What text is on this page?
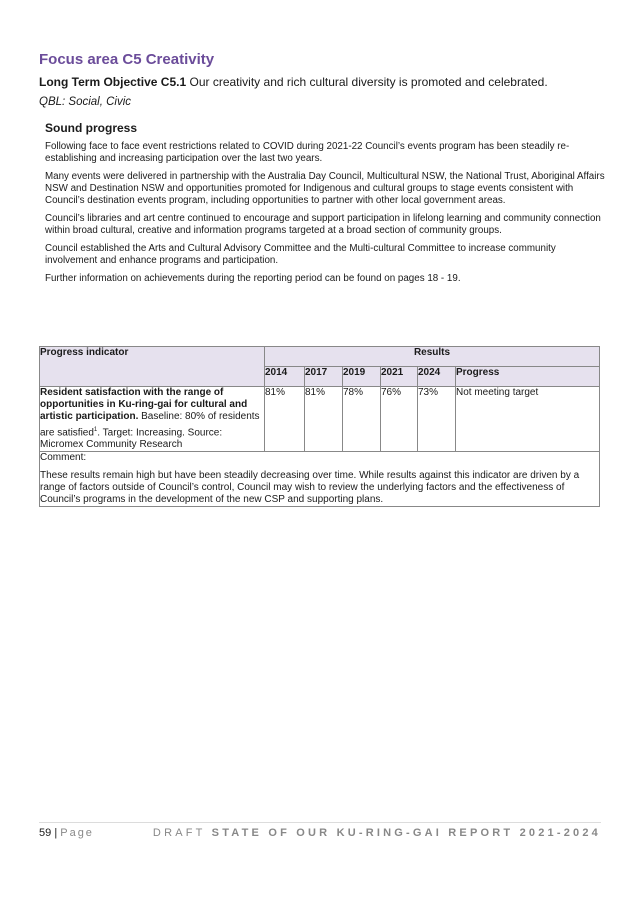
Focus area C5 Creativity

Long Term Objective C5.1 Our creativity and rich cultural diversity is promoted and celebrated.

QBL: Social, Civic

Sound progress

Following face to face event restrictions related to COVID during 2021-22 Council’s events program has been steadily re-establishing and increasing participation over the last two years.

Many events were delivered in partnership with the Australia Day Council, Multicultural NSW, the National Trust, Aboriginal Affairs NSW and Destination NSW and opportunities promoted for Indigenous and cultural groups to stage events consistent with Council’s destination events program, including opportunities to partner with other local government areas.

Council’s libraries and art centre continued to encourage and support participation in lifelong learning and community connection within broad cultural, creative and information programs targeted at a broad section of community groups.

Council established the Arts and Cultural Advisory Committee and the Multi-cultural Committee to increase community involvement and enhance programs and participation.

Further information on achievements during the reporting period can be found on pages 18 - 19.

Progress indicator	Results					
	2014	2017	2019	2021	2024	Progress
Resident satisfaction with the range of opportunities in Ku-ring-gai for cultural and artistic participation. Baseline: 80% of residents are satisfied$^1$. Target: Increasing. Source: Micromex Community Research	81%	81%	78%	76%	73%	Not meeting target

Comment:

These results remain high but have been steadily decreasing over time. While results against this indicator are driven by a range of factors outside of Council’s control, Council may wish to review the underlying factors and the effectiveness of Council’s programs in the development of the new CSP and supporting plans.						

59 | Page	DRAFT STATE OF OUR KU-RING-GAI REPORT 2021-2024
